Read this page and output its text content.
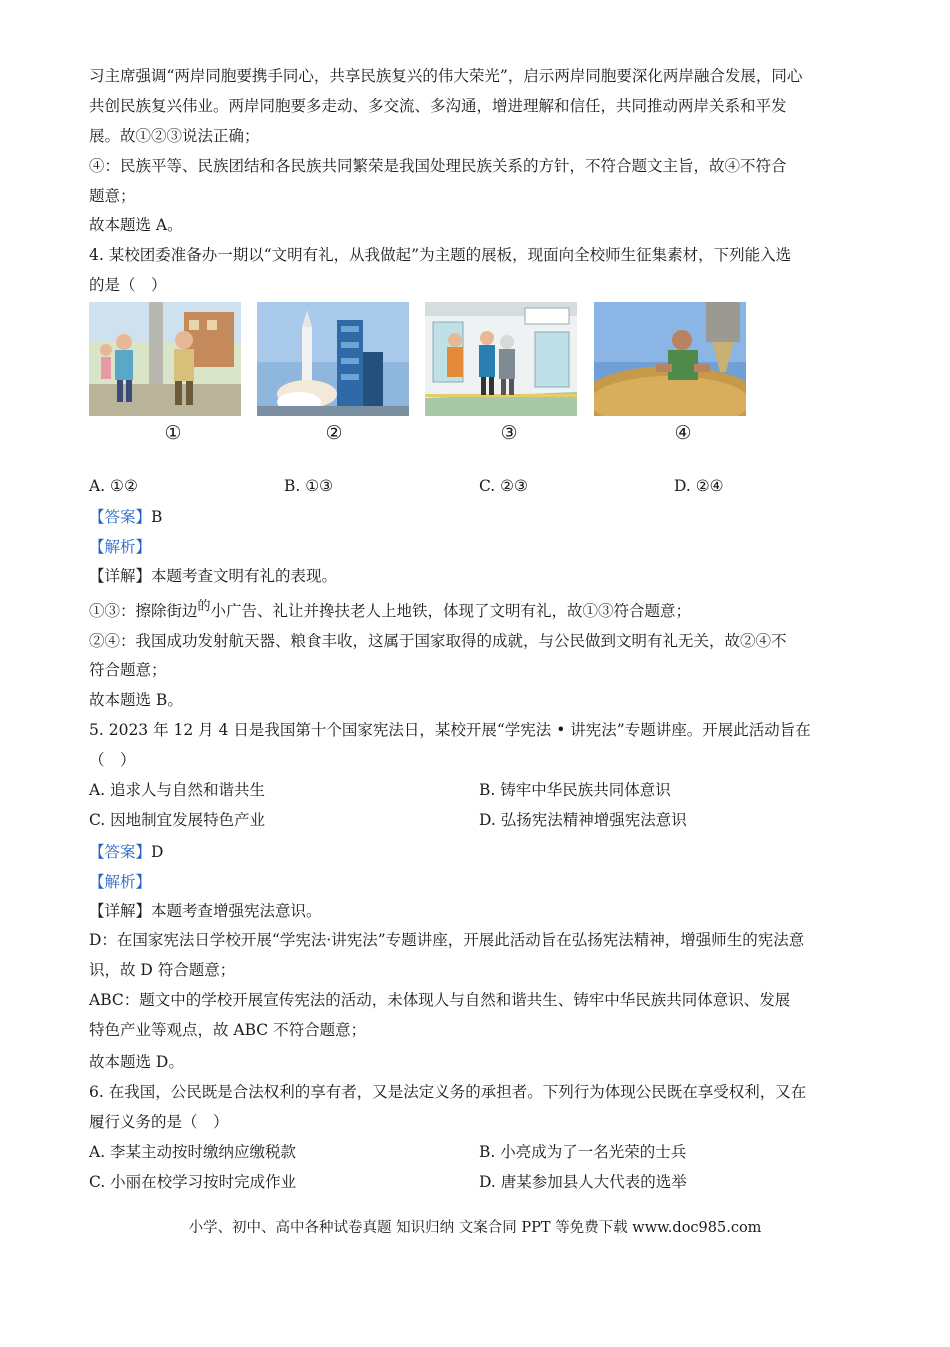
习主席强调“两岸同胞要携手同心，共享民族复兴的伟大荣光”，启示两岸同胞要深化两岸融合发展，同心
共创民族复兴伟业。两岸同胞要多走动、多交流、多沟通，增进理解和信任，共同推动两岸关系和平发
展。故①②③说法正确；
④：民族平等、民族团结和各民族共同繁荣是我国处理民族关系的方针，不符合题文主旨，故④不符合
题意；
故本题选 A。
4. 某校团委准备办一期以“文明有礼，从我做起”为主题的展板，现面向全校师生征集素材，下列能入选
的是（　）
①	②	③	④
A. ①②	B. ①③	C. ②③	D. ②④
【答案】B
【解析】
【详解】本题考查文明有礼的表现。
①③：擦除街边$^的$小广告、礼让并搀扶老人上地铁，体现了文明有礼，故①③符合题意；
②④：我国成功发射航天器、粮食丰收，这属于国家取得的成就，与公民做到文明有礼无关，故②④不
符合题意；
故本题选 B。
5. 2023 年 12 月 4 日是我国第十个国家宪法日，某校开展“学宪法 • 讲宪法”专题讲座。开展此活动旨在
（　）
A. 追求人与自然和谐共生	B. 铸牢中华民族共同体意识
C. 因地制宜发展特色产业	D. 弘扬宪法精神增强宪法意识
【答案】D
【解析】
【详解】本题考查增强宪法意识。
D：在国家宪法日学校开展“学宪法·讲宪法”专题讲座，开展此活动旨在弘扬宪法精神，增强师生的宪法意
识，故 D 符合题意；
ABC：题文中的学校开展宣传宪法的活动，未体现人与自然和谐共生、铸牢中华民族共同体意识、发展
特色产业等观点，故 ABC 不符合题意；
故本题选 D。
6. 在我国，公民既是合法权利的享有者，又是法定义务的承担者。下列行为体现公民既在享受权利，又在
履行义务的是（　）
A. 李某主动按时缴纳应缴税款	B. 小亮成为了一名光荣的士兵
C. 小丽在校学习按时完成作业	D. 唐某参加县人大代表的选举
小学、初中、高中各种试卷真题 知识归纳 文案合同 PPT 等免费下载 www.doc985.com
